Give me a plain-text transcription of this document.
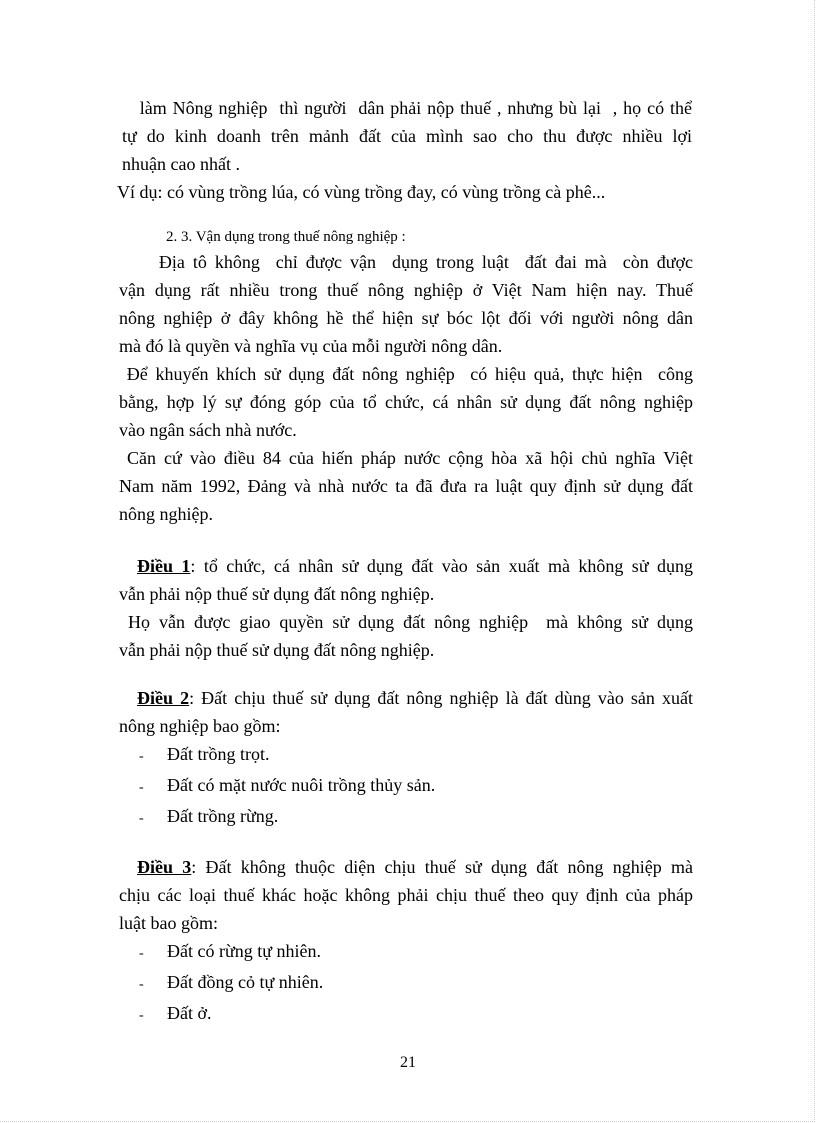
làm Nông nghiệp  thì người  dân phải nộp thuế , nhưng bù lại  , họ có thể
tự do kinh doanh trên mảnh đất của mình sao cho thu được nhiều lợi
nhuận cao nhất .
Ví dụ: có vùng trồng lúa, có vùng trồng đay, có vùng trồng cà phê...
2. 3. Vận dụng trong thuế nông nghiệp :
Địa tô không  chỉ được vận  dụng trong luật  đất đai mà  còn được
vận dụng rất nhiều trong thuế nông nghiệp ở Việt Nam hiện nay. Thuế
nông nghiệp ở đây không hề thể hiện sự bóc lột đối với người nông dân
mà đó là quyền và nghĩa vụ của mỗi người nông dân.
Để khuyến khích sử dụng đất nông nghiệp  có hiệu quả, thực hiện  công
bằng, hợp lý sự đóng góp của tổ chức, cá nhân sử dụng đất nông nghiệp
vào ngân sách nhà nước.
Căn cứ vào điều 84 của hiến pháp nước cộng hòa xã hội chủ nghĩa Việt
Nam năm 1992, Đảng và nhà nước ta đã đưa ra luật quy định sử dụng đất
nông nghiệp.
Điều 1: tổ chức, cá nhân sử dụng đất vào sản xuất mà không sử dụng
vẫn phải nộp thuế sử dụng đất nông nghiệp.
Họ vẫn được giao quyền sử dụng đất nông nghiệp  mà không sử dụng
vẫn phải nộp thuế sử dụng đất nông nghiệp.
Điều 2: Đất chịu thuế sử dụng đất nông nghiệp là đất dùng vào sản xuất
nông nghiệp bao gồm:
-	Đất trồng trọt.
-	Đất có mặt nước nuôi trồng thủy sản.
-	Đất trồng rừng.
Điều 3: Đất không thuộc diện chịu thuế sử dụng đất nông nghiệp mà
chịu các loại thuế khác hoặc không phải chịu thuế theo quy định của pháp
luật bao gồm:
-	Đất có rừng tự nhiên.
-	Đất đồng cỏ tự nhiên.
-	Đất ở.
21
